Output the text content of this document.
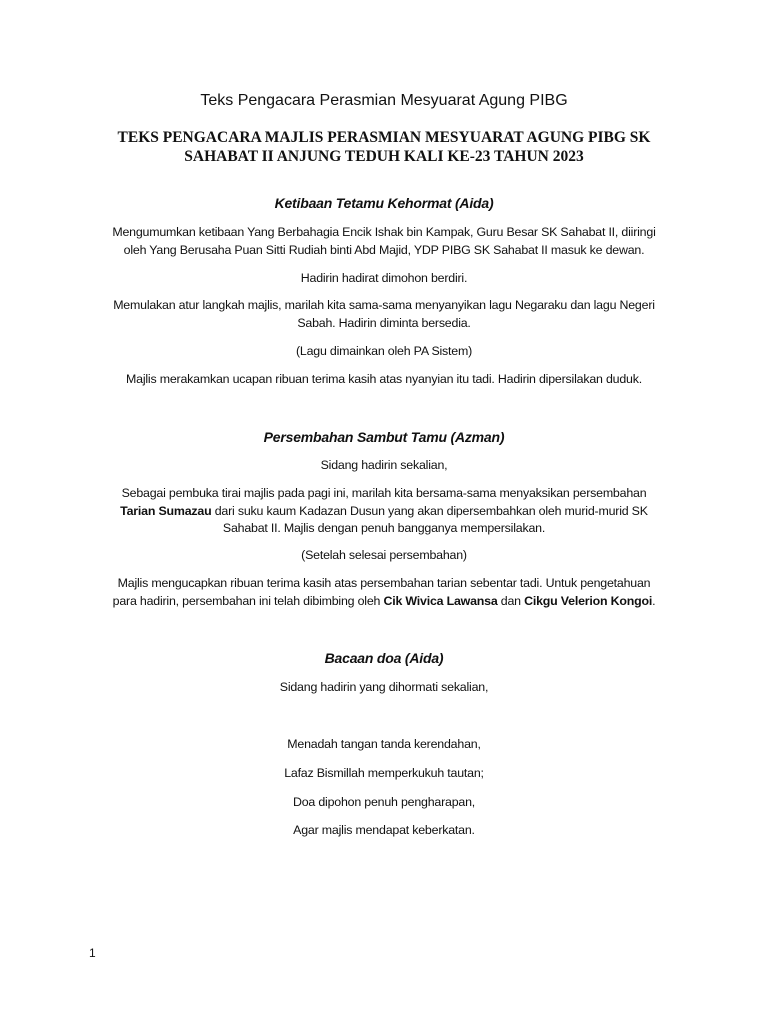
Teks Pengacara Perasmian Mesyuarat Agung PIBG
TEKS PENGACARA MAJLIS PERASMIAN MESYUARAT AGUNG PIBG SK
SAHABAT II ANJUNG TEDUH KALI KE-23 TAHUN 2023
Ketibaan Tetamu Kehormat (Aida)
Mengumumkan ketibaan Yang Berbahagia Encik Ishak bin Kampak, Guru Besar SK Sahabat II, diiringi
oleh Yang Berusaha Puan Sitti Rudiah binti Abd Majid, YDP PIBG SK Sahabat II masuk ke dewan.
Hadirin hadirat dimohon berdiri.
Memulakan atur langkah majlis, marilah kita sama-sama menyanyikan lagu Negaraku dan lagu Negeri
Sabah. Hadirin diminta bersedia.
(Lagu dimainkan oleh PA Sistem)
Majlis merakamkan ucapan ribuan terima kasih atas nyanyian itu tadi. Hadirin dipersilakan duduk.
Persembahan Sambut Tamu (Azman)
Sidang hadirin sekalian,
Sebagai pembuka tirai majlis pada pagi ini, marilah kita bersama-sama menyaksikan persembahan
Tarian Sumazau dari suku kaum Kadazan Dusun yang akan dipersembahkan oleh murid-murid SK
Sahabat II. Majlis dengan penuh bangganya mempersilakan.
(Setelah selesai persembahan)
Majlis mengucapkan ribuan terima kasih atas persembahan tarian sebentar tadi. Untuk pengetahuan
para hadirin, persembahan ini telah dibimbing oleh Cik Wivica Lawansa dan Cikgu Velerion Kongoi.
Bacaan doa (Aida)
Sidang hadirin yang dihormati sekalian,
Menadah tangan tanda kerendahan,
Lafaz Bismillah memperkukuh tautan;
Doa dipohon penuh pengharapan,
Agar majlis mendapat keberkatan.
1
